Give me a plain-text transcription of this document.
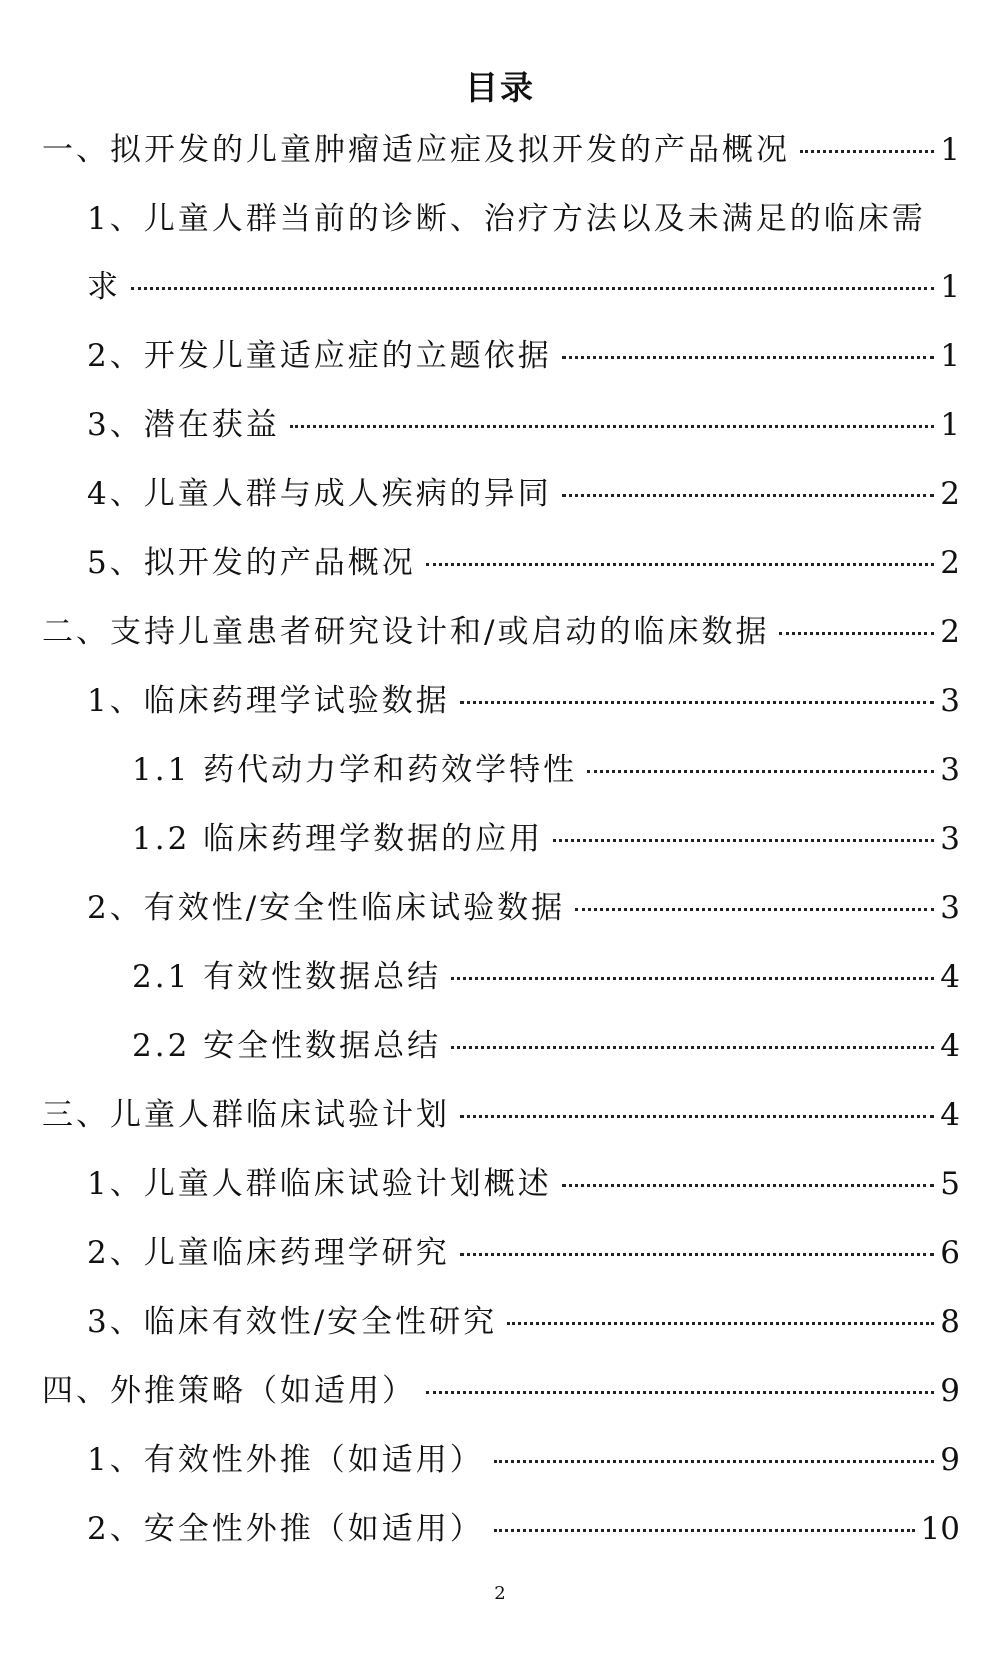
目录
一、拟开发的儿童肿瘤适应症及拟开发的产品概况	1
1、儿童人群当前的诊断、治疗方法以及未满足的临床需
求	1
2、开发儿童适应症的立题依据	1
3、潜在获益	1
4、儿童人群与成人疾病的异同	2
5、拟开发的产品概况	2
二、支持儿童患者研究设计和/或启动的临床数据	2
1、临床药理学试验数据	3
1.1 药代动力学和药效学特性	3
1.2 临床药理学数据的应用	3
2、有效性/安全性临床试验数据	3
2.1 有效性数据总结	4
2.2 安全性数据总结	4
三、儿童人群临床试验计划	4
1、儿童人群临床试验计划概述	5
2、儿童临床药理学研究	6
3、临床有效性/安全性研究	8
四、外推策略（如适用）	9
1、有效性外推（如适用）	9
2、安全性外推（如适用）	10
2
